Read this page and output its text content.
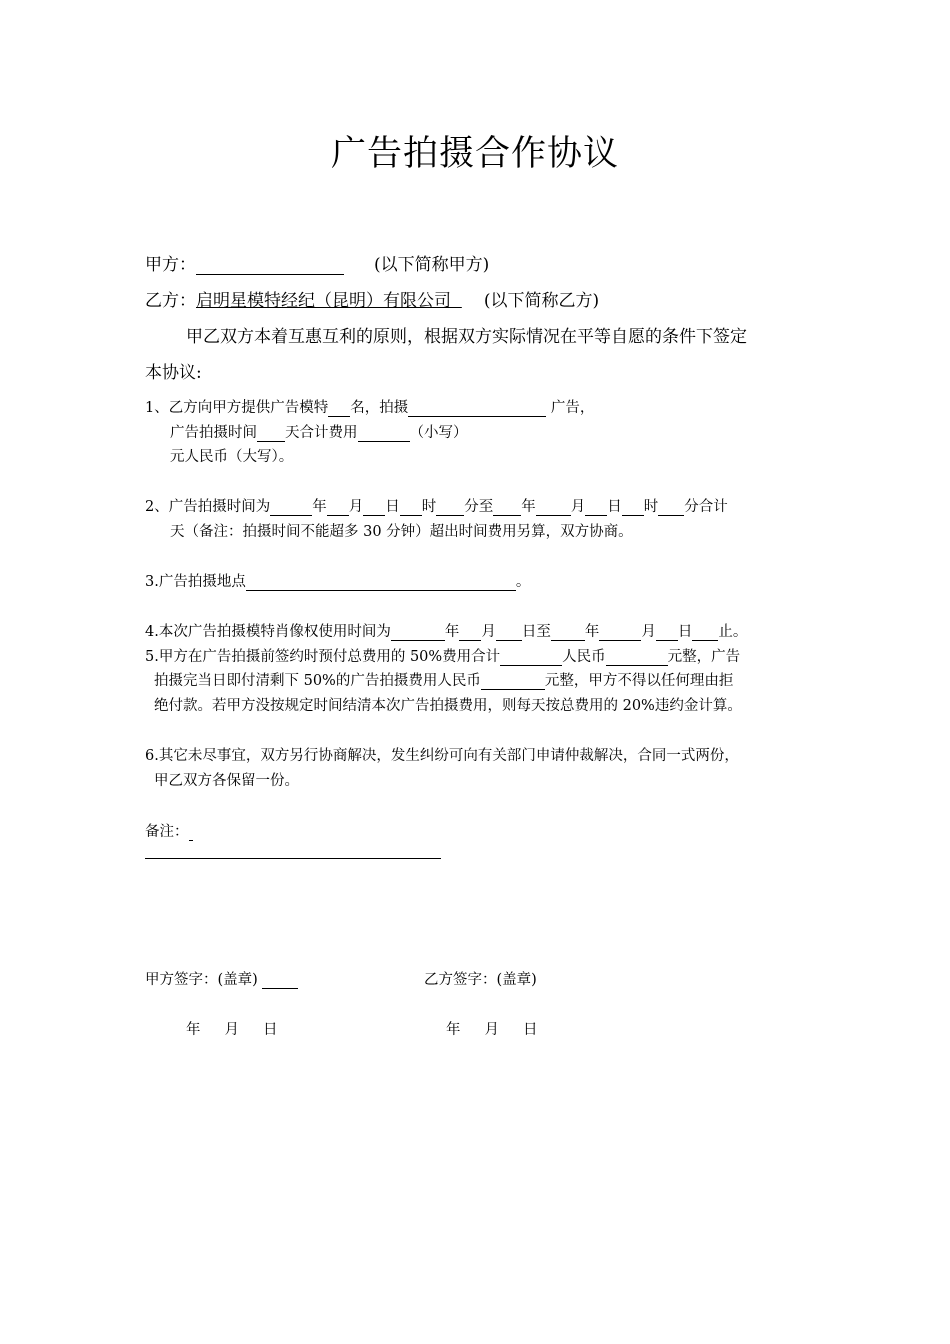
广告拍摄合作协议
甲方：	(以下简称甲方)
乙方：启明星模特经纪（昆明）有限公司 (以下简称乙方)
甲乙双方本着互惠互利的原则，根据双方实际情况在平等自愿的条件下签定
本协议:
1、乙方向甲方提供广告模特 名，拍摄	广告，
广告拍摄时间 天合计费用	（小写）
元人民币（大写）。
2、广告拍摄时间为	年 月 日 时 分至 年 月 日 时 分合计
天（备注：拍摄时间不能超多 30 分钟）超出时间费用另算，双方协商。
3.广告拍摄地点	。
4.本次广告拍摄模特肖像权使用时间为	年 月 日至 年	月 日 止。
5.甲方在广告拍摄前签约时预付总费用的 50%费用合计	人民币	元整，广告
拍摄完当日即付清剩下 50%的广告拍摄费用人民币	元整，甲方不得以任何理由拒
绝付款。若甲方没按规定时间结清本次广告拍摄费用，则每天按总费用的 20%违约金计算。
6.其它未尽事宜，双方另行协商解决，发生纠纷可向有关部门申请仲裁解决，合同一式两份，
甲乙双方各保留一份。
备注：
甲方签字：(盖章)	乙方签字：(盖章)
年 月 日	年 月 日
